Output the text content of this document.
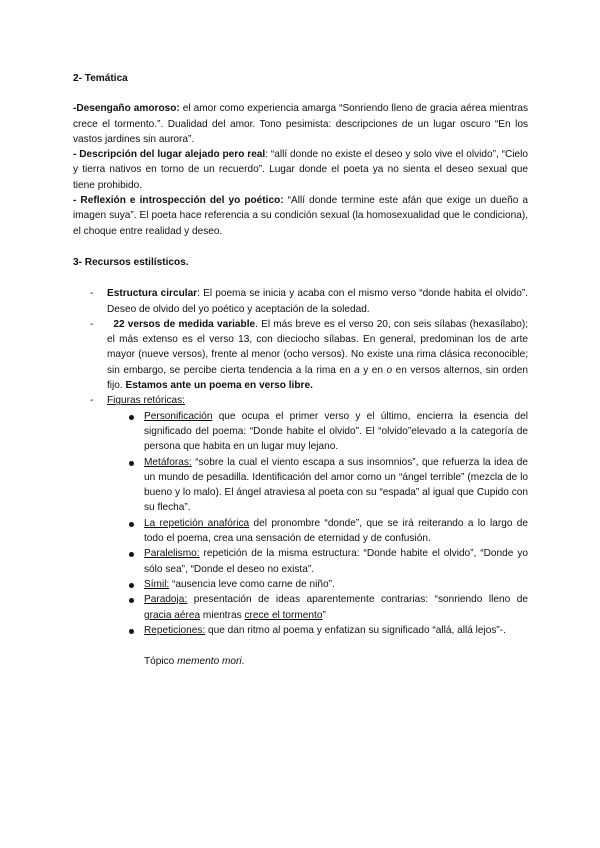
2- Temática

-Desengaño amoroso: el amor como experiencia amarga “Sonriendo lleno de gracia aérea mientras crece el tormento.”. Dualidad del amor. Tono pesimista: descripciones de un lugar oscuro “En los vastos jardines sin aurora”.

- Descripción del lugar alejado pero real: “allí donde no existe el deseo y solo vive el olvido”, “Cielo y tierra nativos en torno de un recuerdo”. Lugar donde el poeta ya no sienta el deseo sexual que tiene prohibido.

- Reflexión e introspección del yo poético: “Allí donde termine este afán que exige un dueño a imagen suya”. El poeta hace referencia a su condición sexual (la homosexualidad que le condiciona), el choque entre realidad y deseo.

3- Recursos estilísticos.
- Estructura circular: El poema se inicia y acaba con el mismo verso “donde habita el olvido”. Deseo de olvido del yo poético y aceptación de la soledad.
- 22 versos de medida variable. El más breve es el verso 20, con seis sílabas (hexasílabo); el más extenso es el verso 13, con dieciocho sílabas. En general, predominan los de arte mayor (nueve versos), frente al menor (ocho versos). No existe una rima clásica reconocible; sin embargo, se percibe cierta tendencia a la rima en a y en o en versos alternos, sin orden fijo. Estamos ante un poema en verso libre.
- Figuras retóricas:
Personificación que ocupa el primer verso y el último, encierra la esencia del significado del poema: “Donde habite el olvido”. El “olvido”elevado a la categoría de persona que habita en un lugar muy lejano.
Metáforas: “sobre la cual el viento escapa a sus insomnios”, que refuerza la idea de un mundo de pesadilla. Identificación del amor como un “ángel terrible” (mezcla de lo bueno y lo malo). El ángel atraviesa al poeta con su “espada” al igual que Cupido con su flecha”.
La repetición anafórica del pronombre “donde”, que se irá reiterando a lo largo de todo el poema, crea una sensación de eternidad y de confusión.
Paralelismo: repetición de la misma estructura: “Donde habite el olvido”, “Donde yo sólo sea”, “Donde el deseo no exista”.
Símil: “ausencia leve como carne de niño”.
Paradoja: presentación de ideas aparentemente contrarias: “sonriendo lleno de gracia aérea mientras crece el tormento”
Repeticiones: que dan ritmo al poema y enfatizan su significado “allá, allá lejos”-.
Tópico memento mori.
